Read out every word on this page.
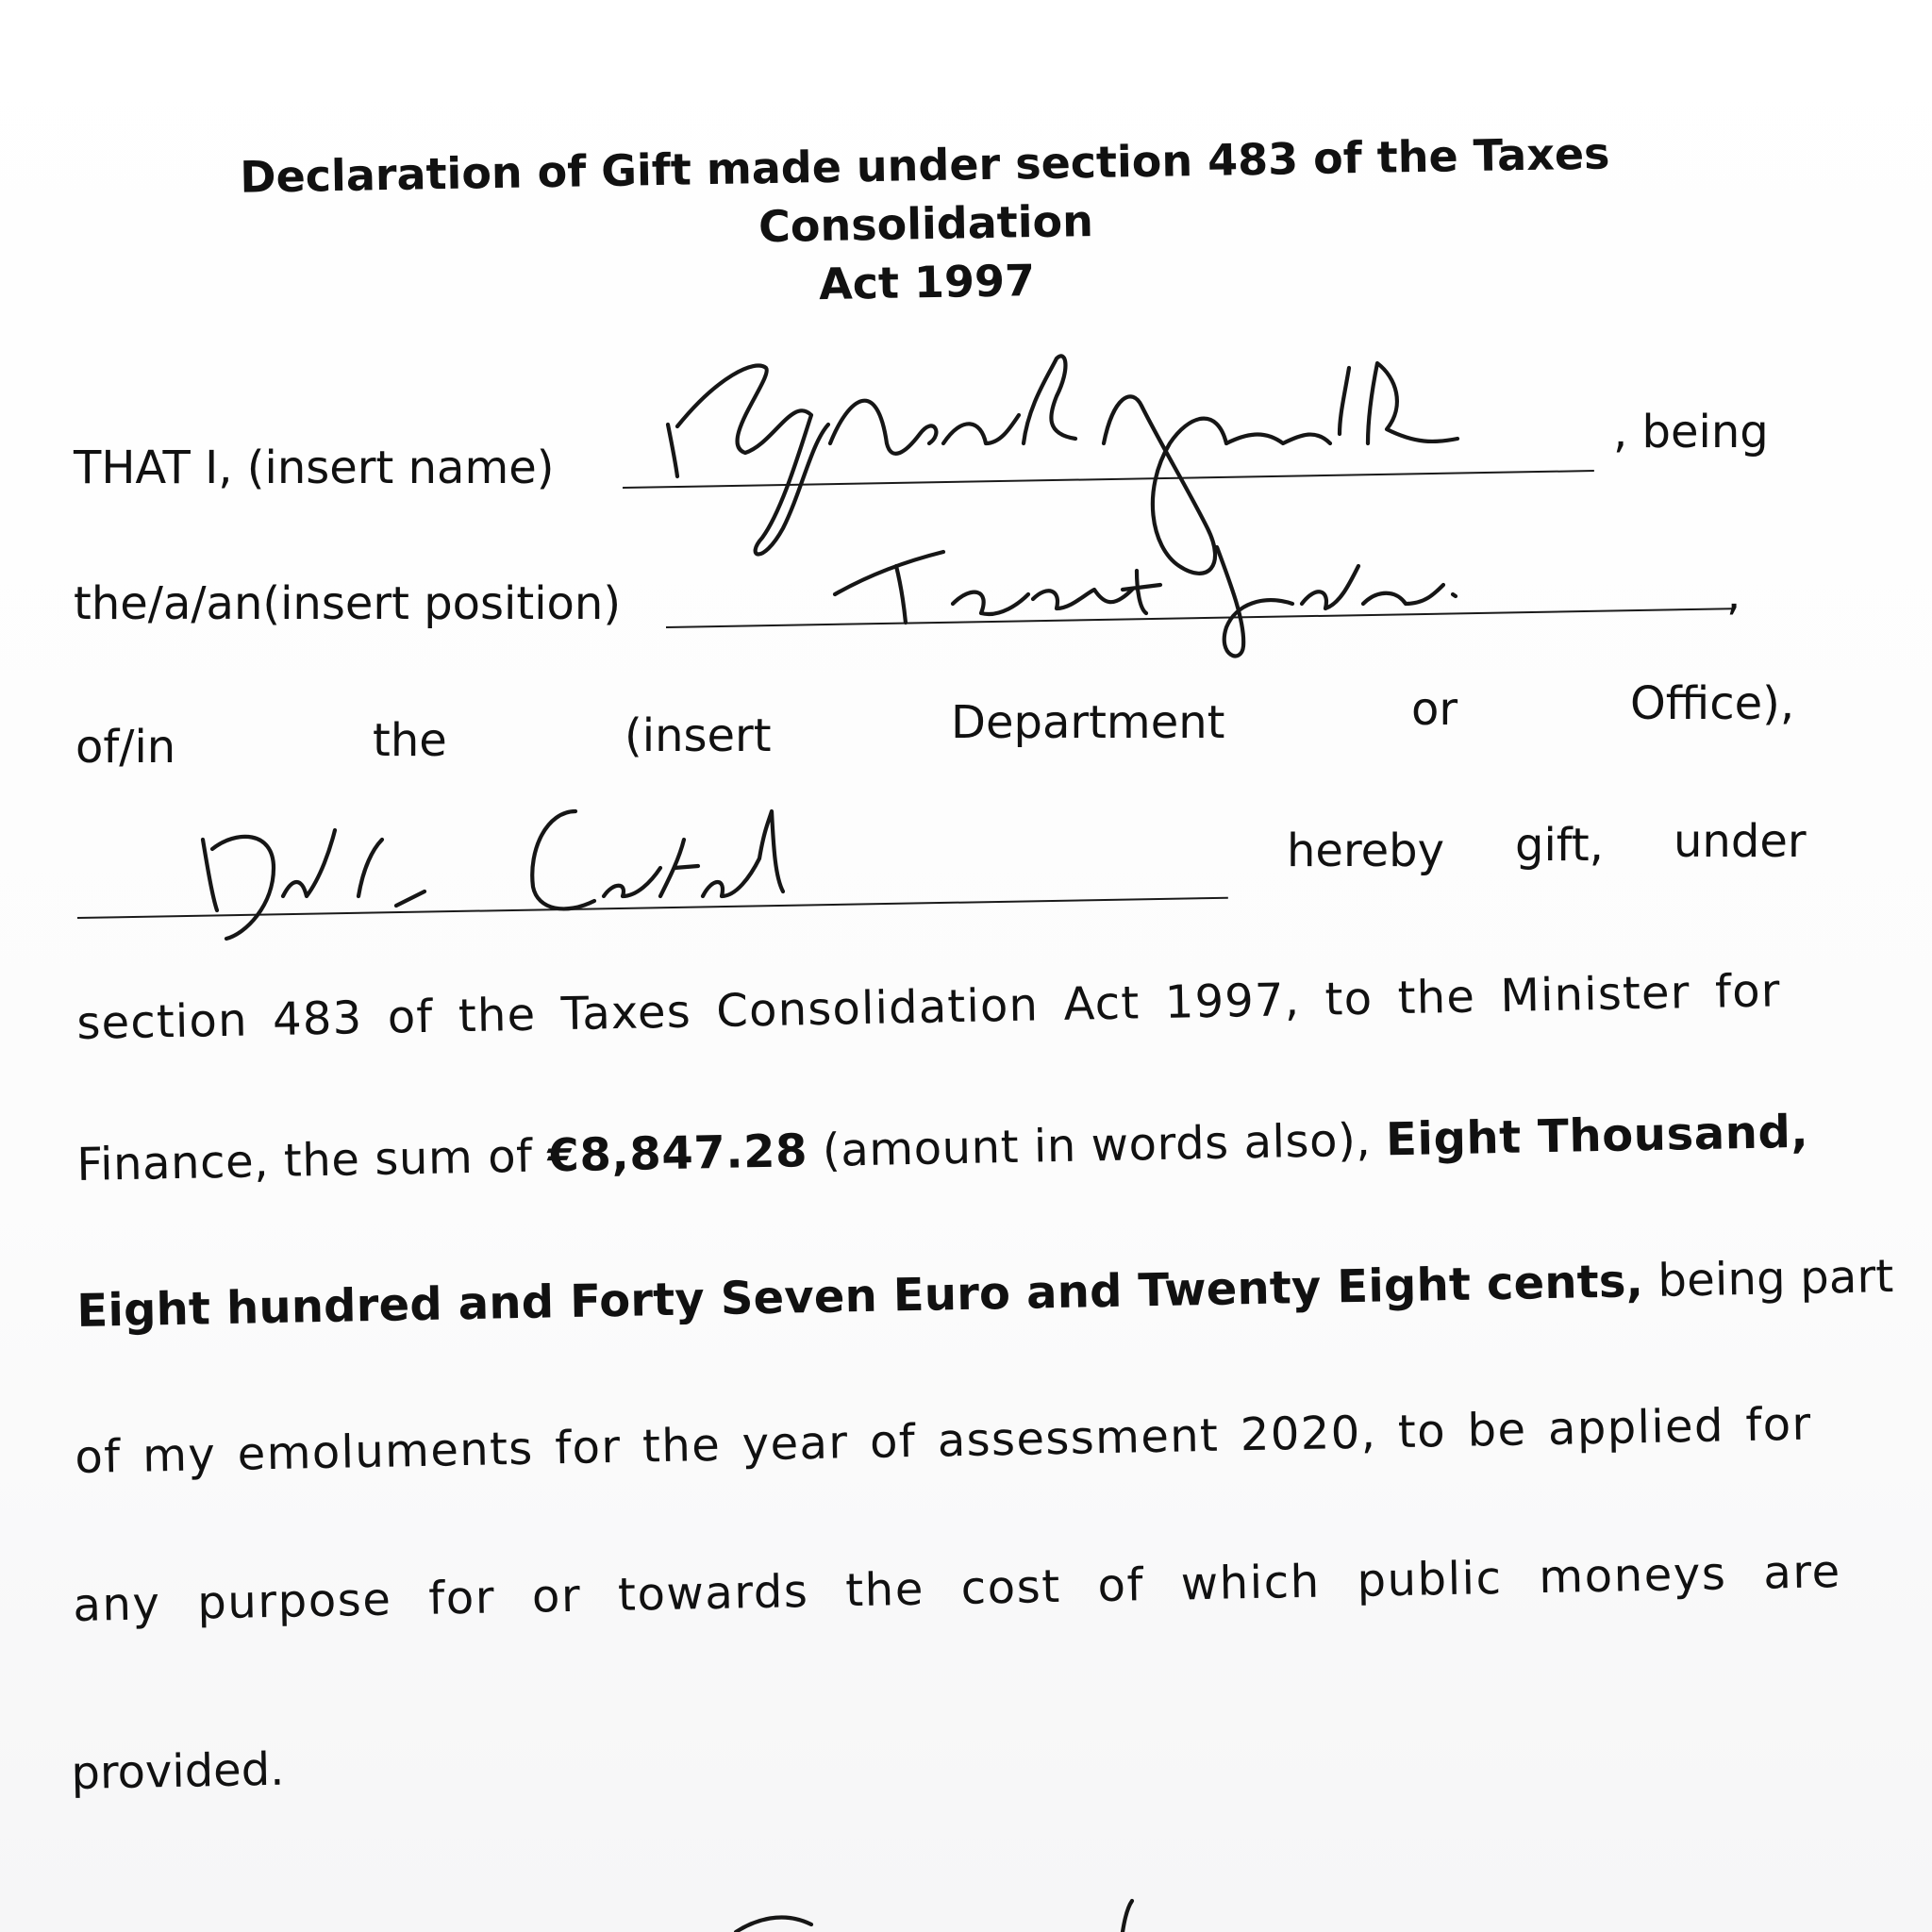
Declaration of Gift made under section 483 of the Taxes Consolidation
Act 1997
THAT I, (insert name)
, being
the/a/an(insert position)	,
of/in	the	(insert	Department	or	Office),
hereby gift, under
section 483 of the Taxes Consolidation Act 1997, to the Minister for
Finance, the sum of €8,847.28 (amount in words also), Eight Thousand,
Eight hundred and Forty Seven Euro and Twenty Eight cents, being part
of my emoluments for the year of assessment 2020, to be applied for
any purpose for or towards the cost of which public moneys are
provided.
